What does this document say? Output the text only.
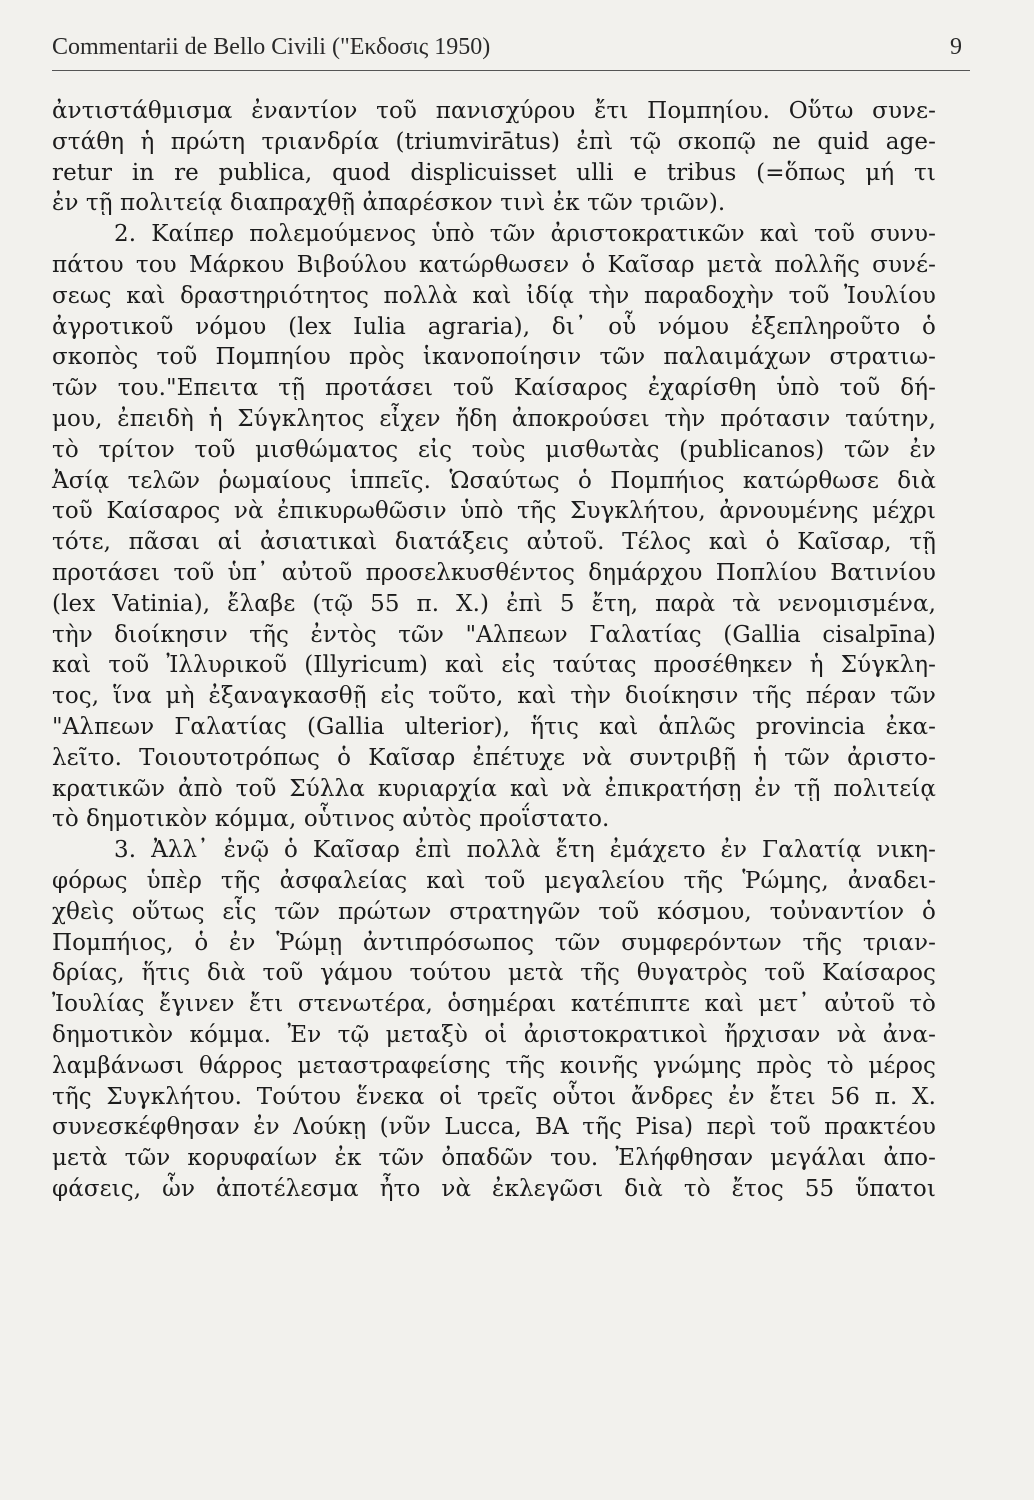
Commentarii de Bello Civili ("Εκδοσις 1950)	9
ἀντιστάθμισμα ἐναντίον τοῦ πανισχύρου ἔτι Πομπηίου. Οὕτω συνε-
στάθη ἡ πρώτη τριανδρία (triumvirātus) ἐπὶ τῷ σκοπῷ ne quid age-
retur in re publica, quod displicuisset ulli e tribus (=ὅπως μή τι
ἐν τῇ πολιτείᾳ διαπραχθῇ ἀπαρέσκον τινὶ ἐκ τῶν τριῶν).
2. Καίπερ πολεμούμενος ὑπὸ τῶν ἀριστοκρατικῶν καὶ τοῦ συνυ-
πάτου του Μάρκου Βιβούλου κατώρθωσεν ὁ Καῖσαρ μετὰ πολλῆς συνέ-
σεως καὶ δραστηριότητος πολλὰ καὶ ἰδίᾳ τὴν παραδοχὴν τοῦ Ἰουλίου
ἀγροτικοῦ νόμου (lex Iulia agraria), δι᾽ οὗ νόμου ἐξεπληροῦτο ὁ
σκοπὸς τοῦ Πομπηίου πρὸς ἱκανοποίησιν τῶν παλαιμάχων στρατιω-
τῶν του."Επειτα τῇ προτάσει τοῦ Καίσαρος ἐχαρίσθη ὑπὸ τοῦ δή-
μου, ἐπειδὴ ἡ Σύγκλητος εἶχεν ἤδη ἀποκρούσει τὴν πρότασιν ταύτην,
τὸ τρίτον τοῦ μισθώματος εἰς τοὺς μισθωτὰς (publicanos) τῶν ἐν
Ἀσίᾳ τελῶν ῥωμαίους ἱππεῖς. Ὡσαύτως ὁ Πομπήιος κατώρθωσε διὰ
τοῦ Καίσαρος νὰ ἐπικυρωθῶσιν ὑπὸ τῆς Συγκλήτου, ἀρνουμένης μέχρι
τότε, πᾶσαι αἱ ἀσιατικαὶ διατάξεις αὐτοῦ. Τέλος καὶ ὁ Καῖσαρ, τῇ
προτάσει τοῦ ὑπ᾽ αὐτοῦ προσελκυσθέντος δημάρχου Ποπλίου Βατινίου
(lex Vatinia), ἔλαβε (τῷ 55 π. Χ.) ἐπὶ 5 ἔτη, παρὰ τὰ νενομισμένα,
τὴν διοίκησιν τῆς ἐντὸς τῶν "Αλπεων Γαλατίας (Gallia cisalpīna)
καὶ τοῦ Ἰλλυρικοῦ (Illyricum) καὶ εἰς ταύτας προσέθηκεν ἡ Σύγκλη-
τος, ἵνα μὴ ἐξαναγκασθῇ εἰς τοῦτο, καὶ τὴν διοίκησιν τῆς πέραν τῶν
"Αλπεων Γαλατίας (Gallia ulterior), ἥτις καὶ ἁπλῶς provincia ἐκα-
λεῖτο. Τοιουτοτρόπως ὁ Καῖσαρ ἐπέτυχε νὰ συντριβῇ ἡ τῶν ἀριστο-
κρατικῶν ἀπὸ τοῦ Σύλλα κυριαρχία καὶ νὰ ἐπικρατήσῃ ἐν τῇ πολιτείᾳ
τὸ δημοτικὸν κόμμα, οὗτινος αὐτὸς προΐστατο.
3. Ἀλλ᾽ ἐνῷ ὁ Καῖσαρ ἐπὶ πολλὰ ἔτη ἐμάχετο ἐν Γαλατίᾳ νικη-
φόρως ὑπὲρ τῆς ἀσφαλείας καὶ τοῦ μεγαλείου τῆς Ῥώμης, ἀναδει-
χθεὶς οὕτως εἷς τῶν πρώτων στρατηγῶν τοῦ κόσμου, τοὐναντίον ὁ
Πομπήιος, ὁ ἐν Ῥώμῃ ἀντιπρόσωπος τῶν συμφερόντων τῆς τριαν-
δρίας, ἥτις διὰ τοῦ γάμου τούτου μετὰ τῆς θυγατρὸς τοῦ Καίσαρος
Ἰουλίας ἔγινεν ἔτι στενωτέρα, ὁσημέραι κατέπιπτε καὶ μετ᾽ αὐτοῦ τὸ
δημοτικὸν κόμμα. Ἐν τῷ μεταξὺ οἱ ἀριστοκρατικοὶ ἤρχισαν νὰ ἀνα-
λαμβάνωσι θάρρος μεταστραφείσης τῆς κοινῆς γνώμης πρὸς τὸ μέρος
τῆς Συγκλήτου. Τούτου ἕνεκα οἱ τρεῖς οὗτοι ἄνδρες ἐν ἔτει 56 π. Χ.
συνεσκέφθησαν ἐν Λούκῃ (νῦν Lucca, BA τῆς Pisa) περὶ τοῦ πρακτέου
μετὰ τῶν κορυφαίων ἐκ τῶν ὀπαδῶν του. Ἐλήφθησαν μεγάλαι ἀπο-
φάσεις, ὧν ἀποτέλεσμα ἦτο νὰ ἐκλεγῶσι διὰ τὸ ἔτος 55 ὕπατοι
